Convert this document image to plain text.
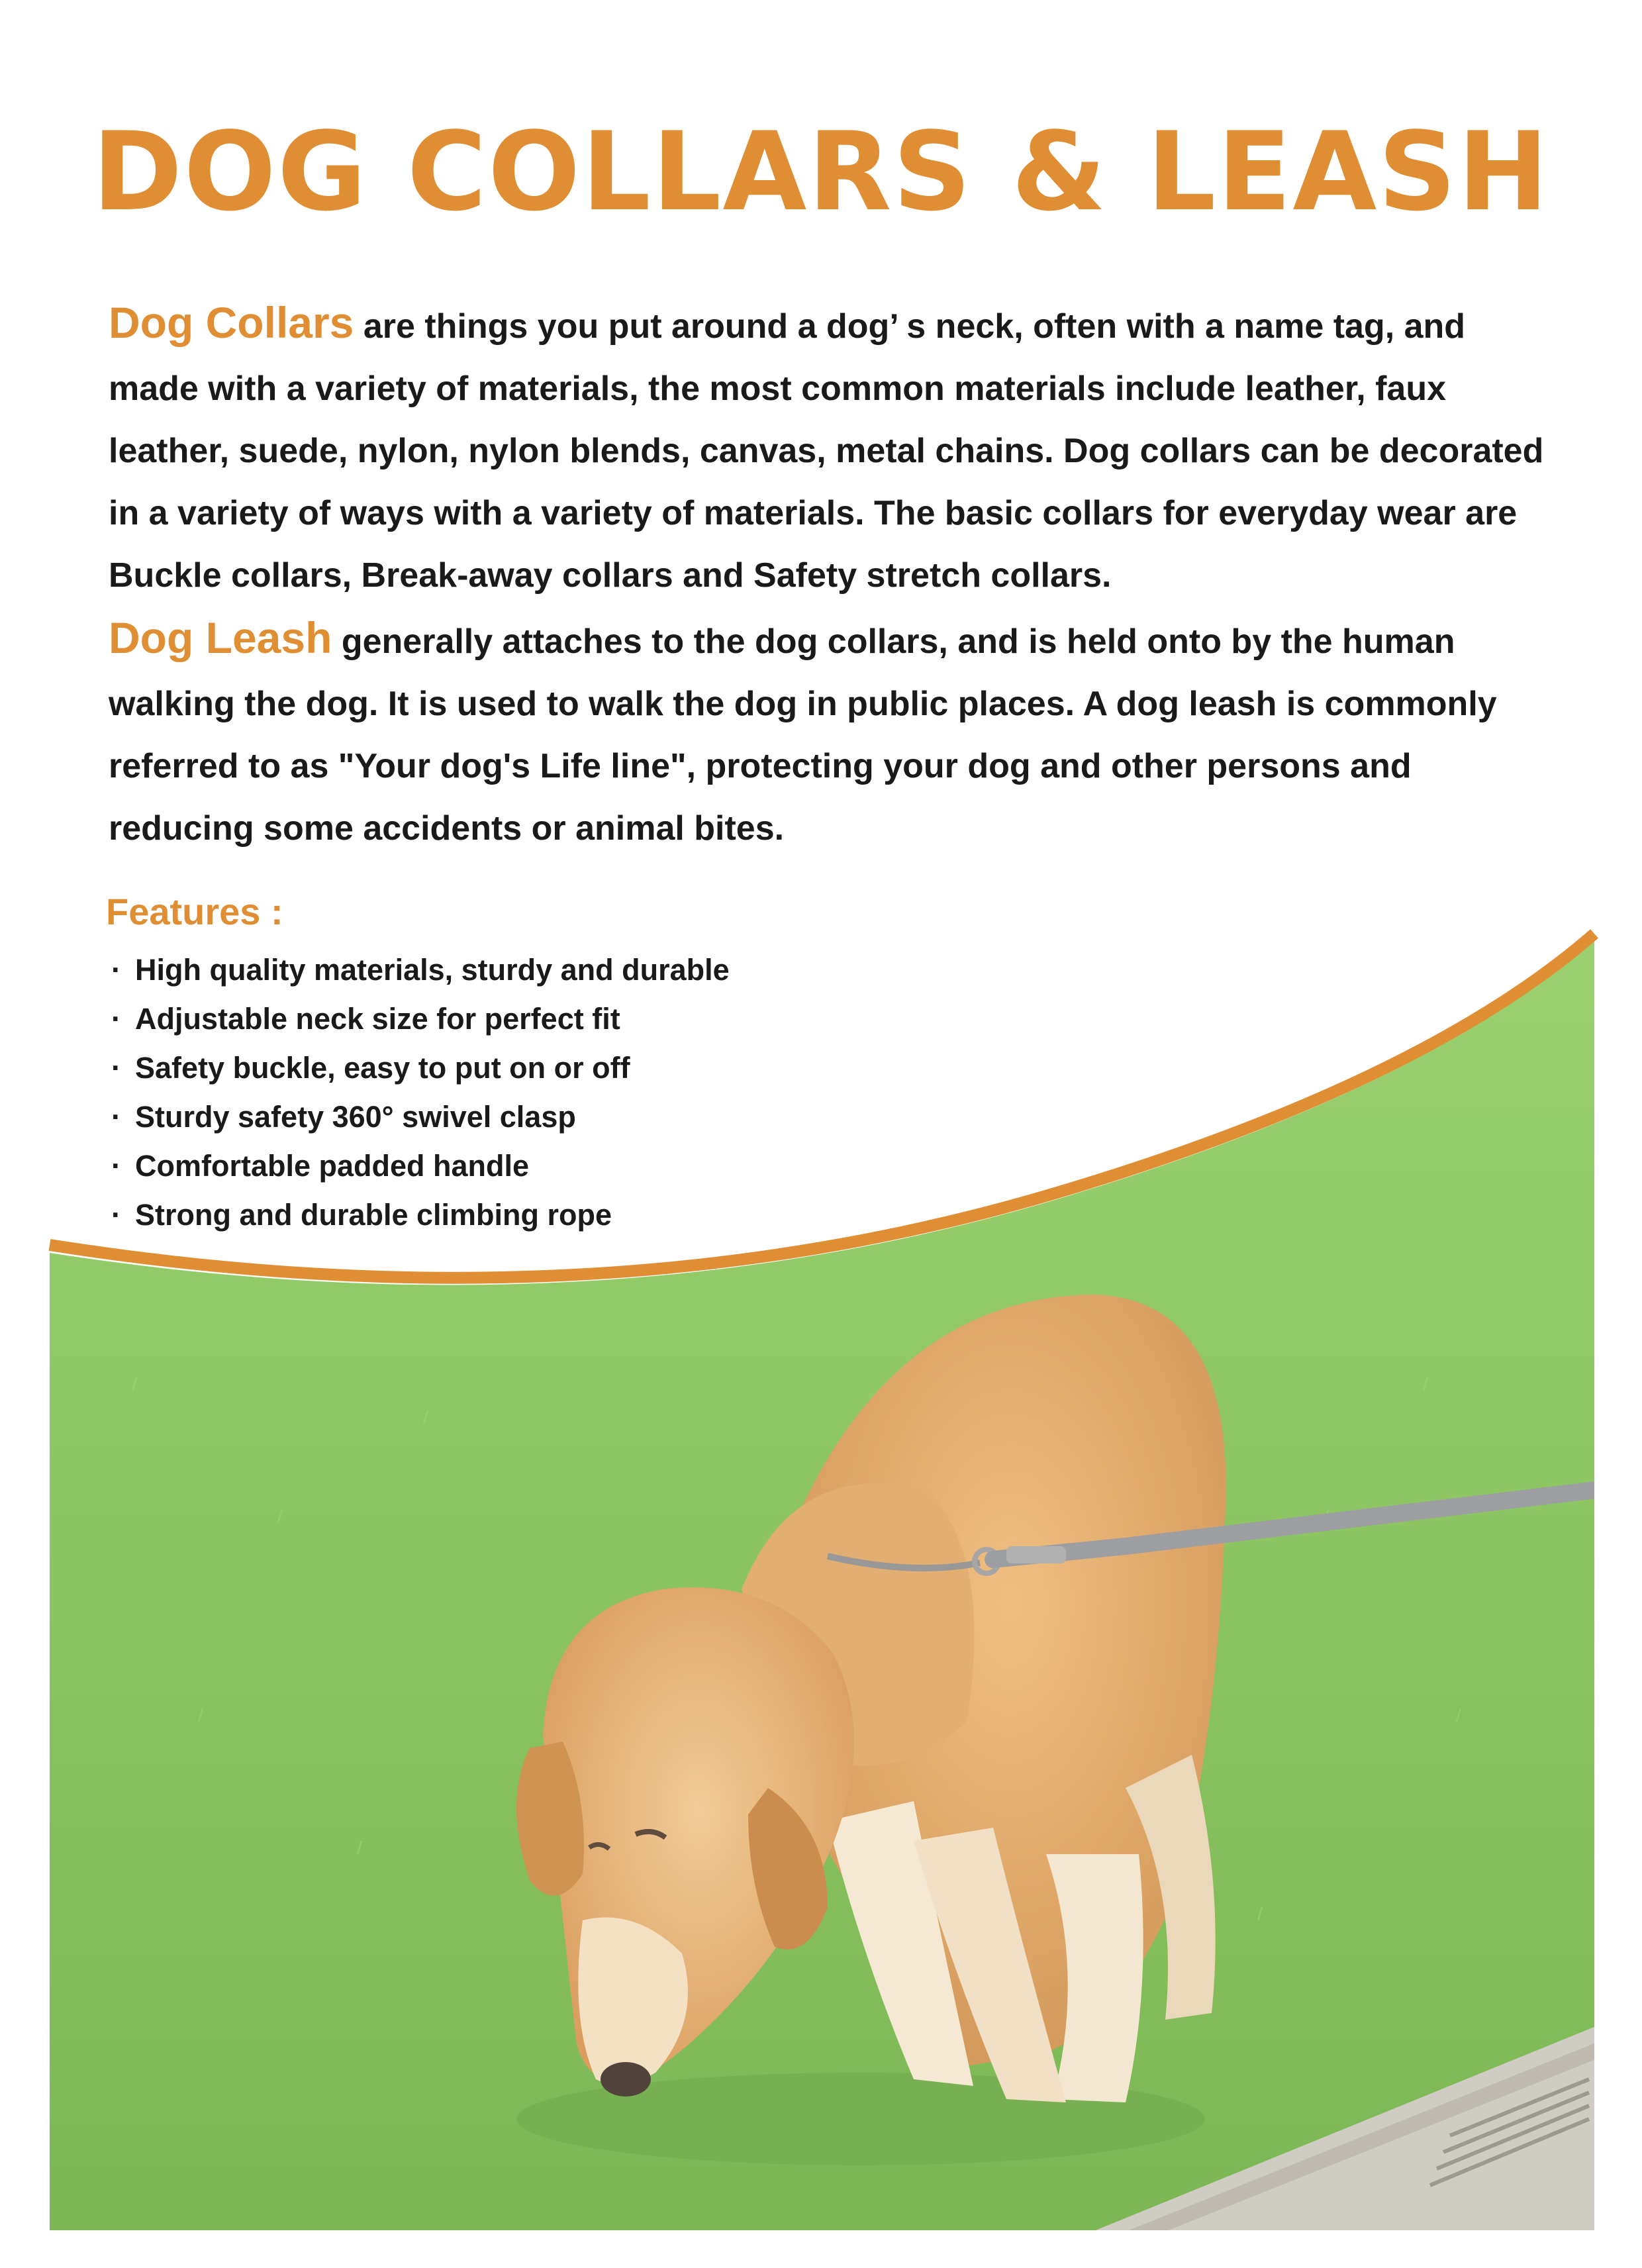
DOG COLLARS & LEASH

Dog Collars are things you put around a dog’ s neck, often with a name tag, and made with a variety of materials, the most common materials include leather, faux leather, suede, nylon, nylon blends, canvas, metal chains. Dog collars can be decorated in a variety of ways with a variety of materials. The basic collars for everyday wear are Buckle collars, Break-away collars and Safety stretch collars.

Dog Leash generally attaches to the dog collars, and is held onto by the human walking the dog. It is used to walk the dog in public places. A dog leash is commonly referred to as "Your dog's Life line", protecting your dog and other persons and reducing some accidents or animal bites.

Features :
· High quality materials, sturdy and durable
· Adjustable neck size for perfect fit
· Safety buckle, easy to put on or off
· Sturdy safety 360° swivel clasp
· Comfortable padded handle
· Strong and durable climbing rope
